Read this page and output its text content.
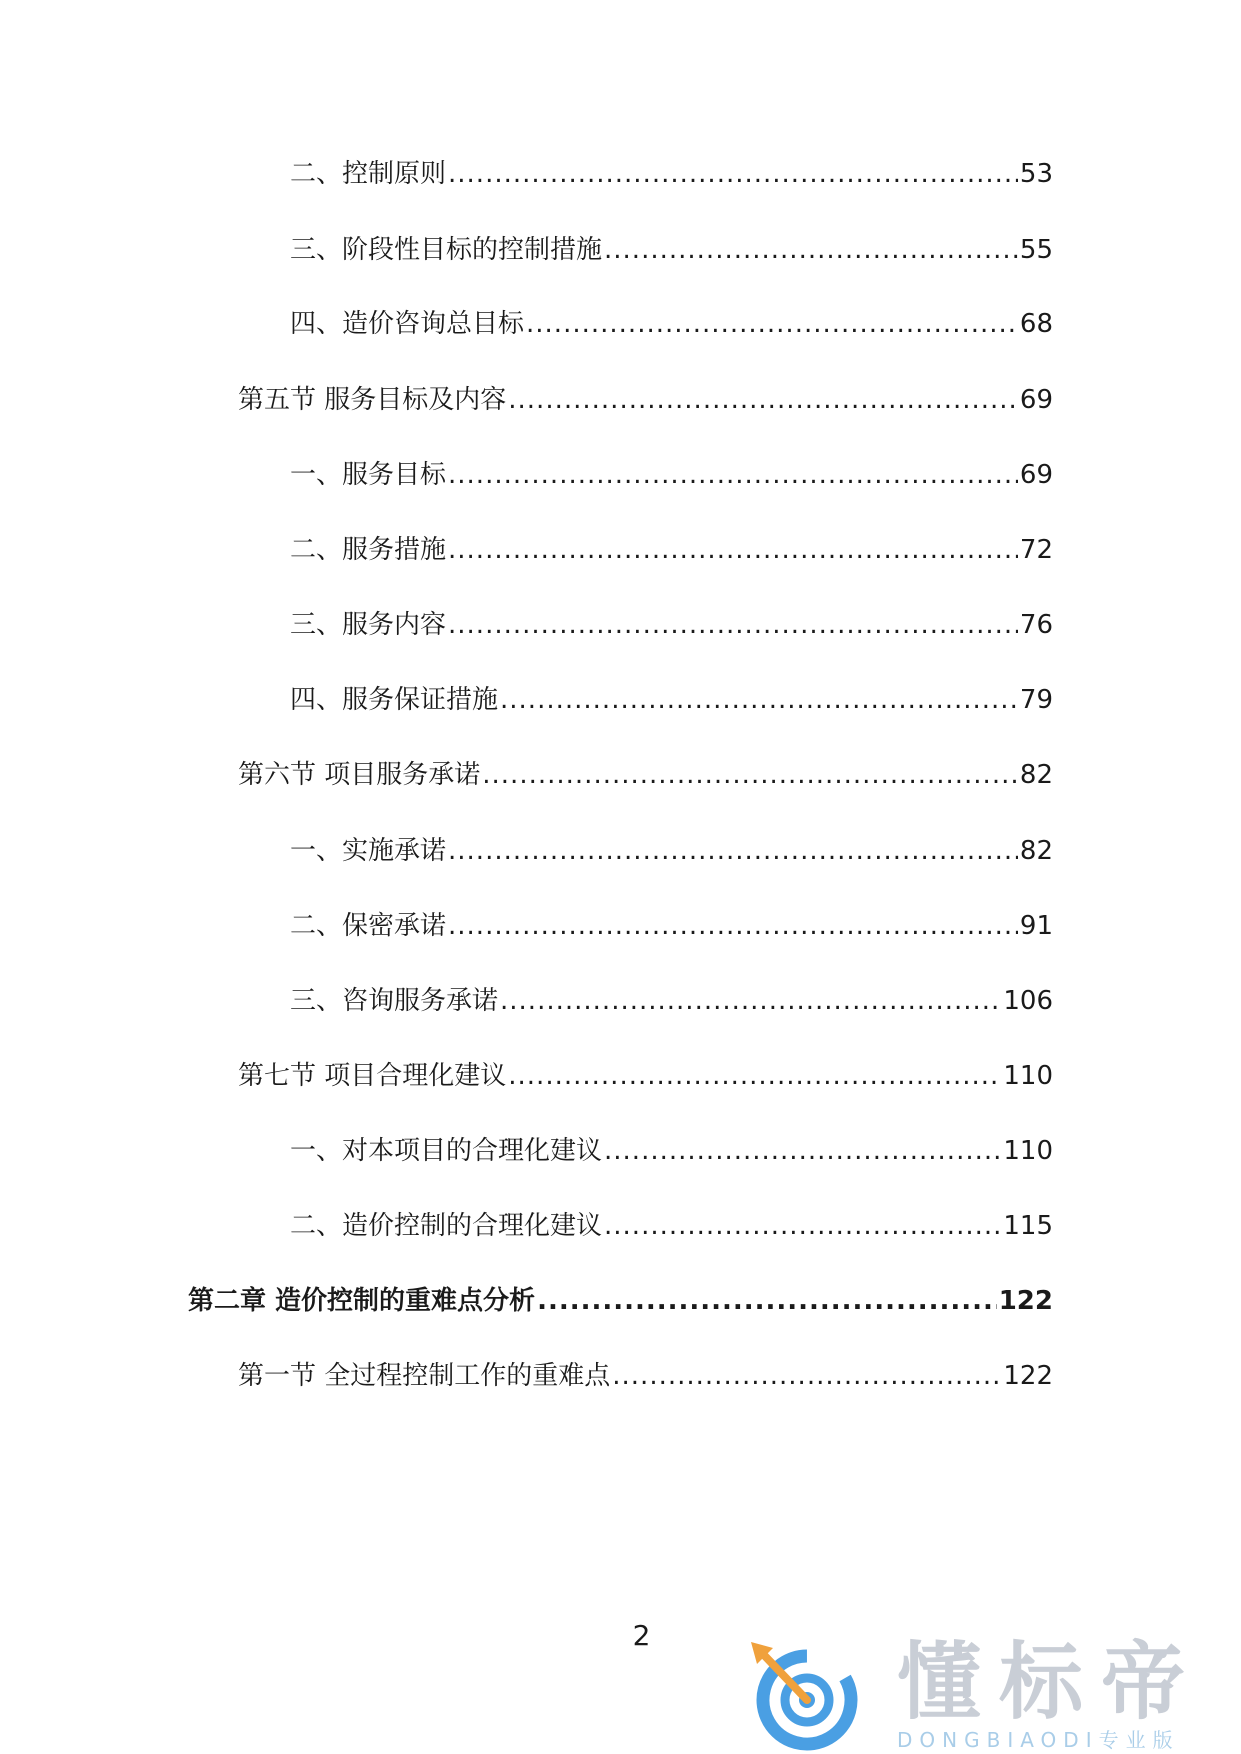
二、控制原则 .....	53
三、阶段性目标的控制措施 .....	55
四、造价咨询总目标 .....	68
第五节 服务目标及内容 .....	69
一、服务目标 .....	69
二、服务措施 .....	72
三、服务内容 .....	76
四、服务保证措施 .....	79
第六节 项目服务承诺 .....	82
一、实施承诺 .....	82
二、保密承诺 .....	91
三、咨询服务承诺 .....	106
第七节 项目合理化建议 .....	110
一、对本项目的合理化建议 .....	110
二、造价控制的合理化建议 .....	115
第二章 造价控制的重难点分析 .....	122
第一节 全过程控制工作的重难点 .....	122
2	懂标帝
DONGBIAODI专业版
